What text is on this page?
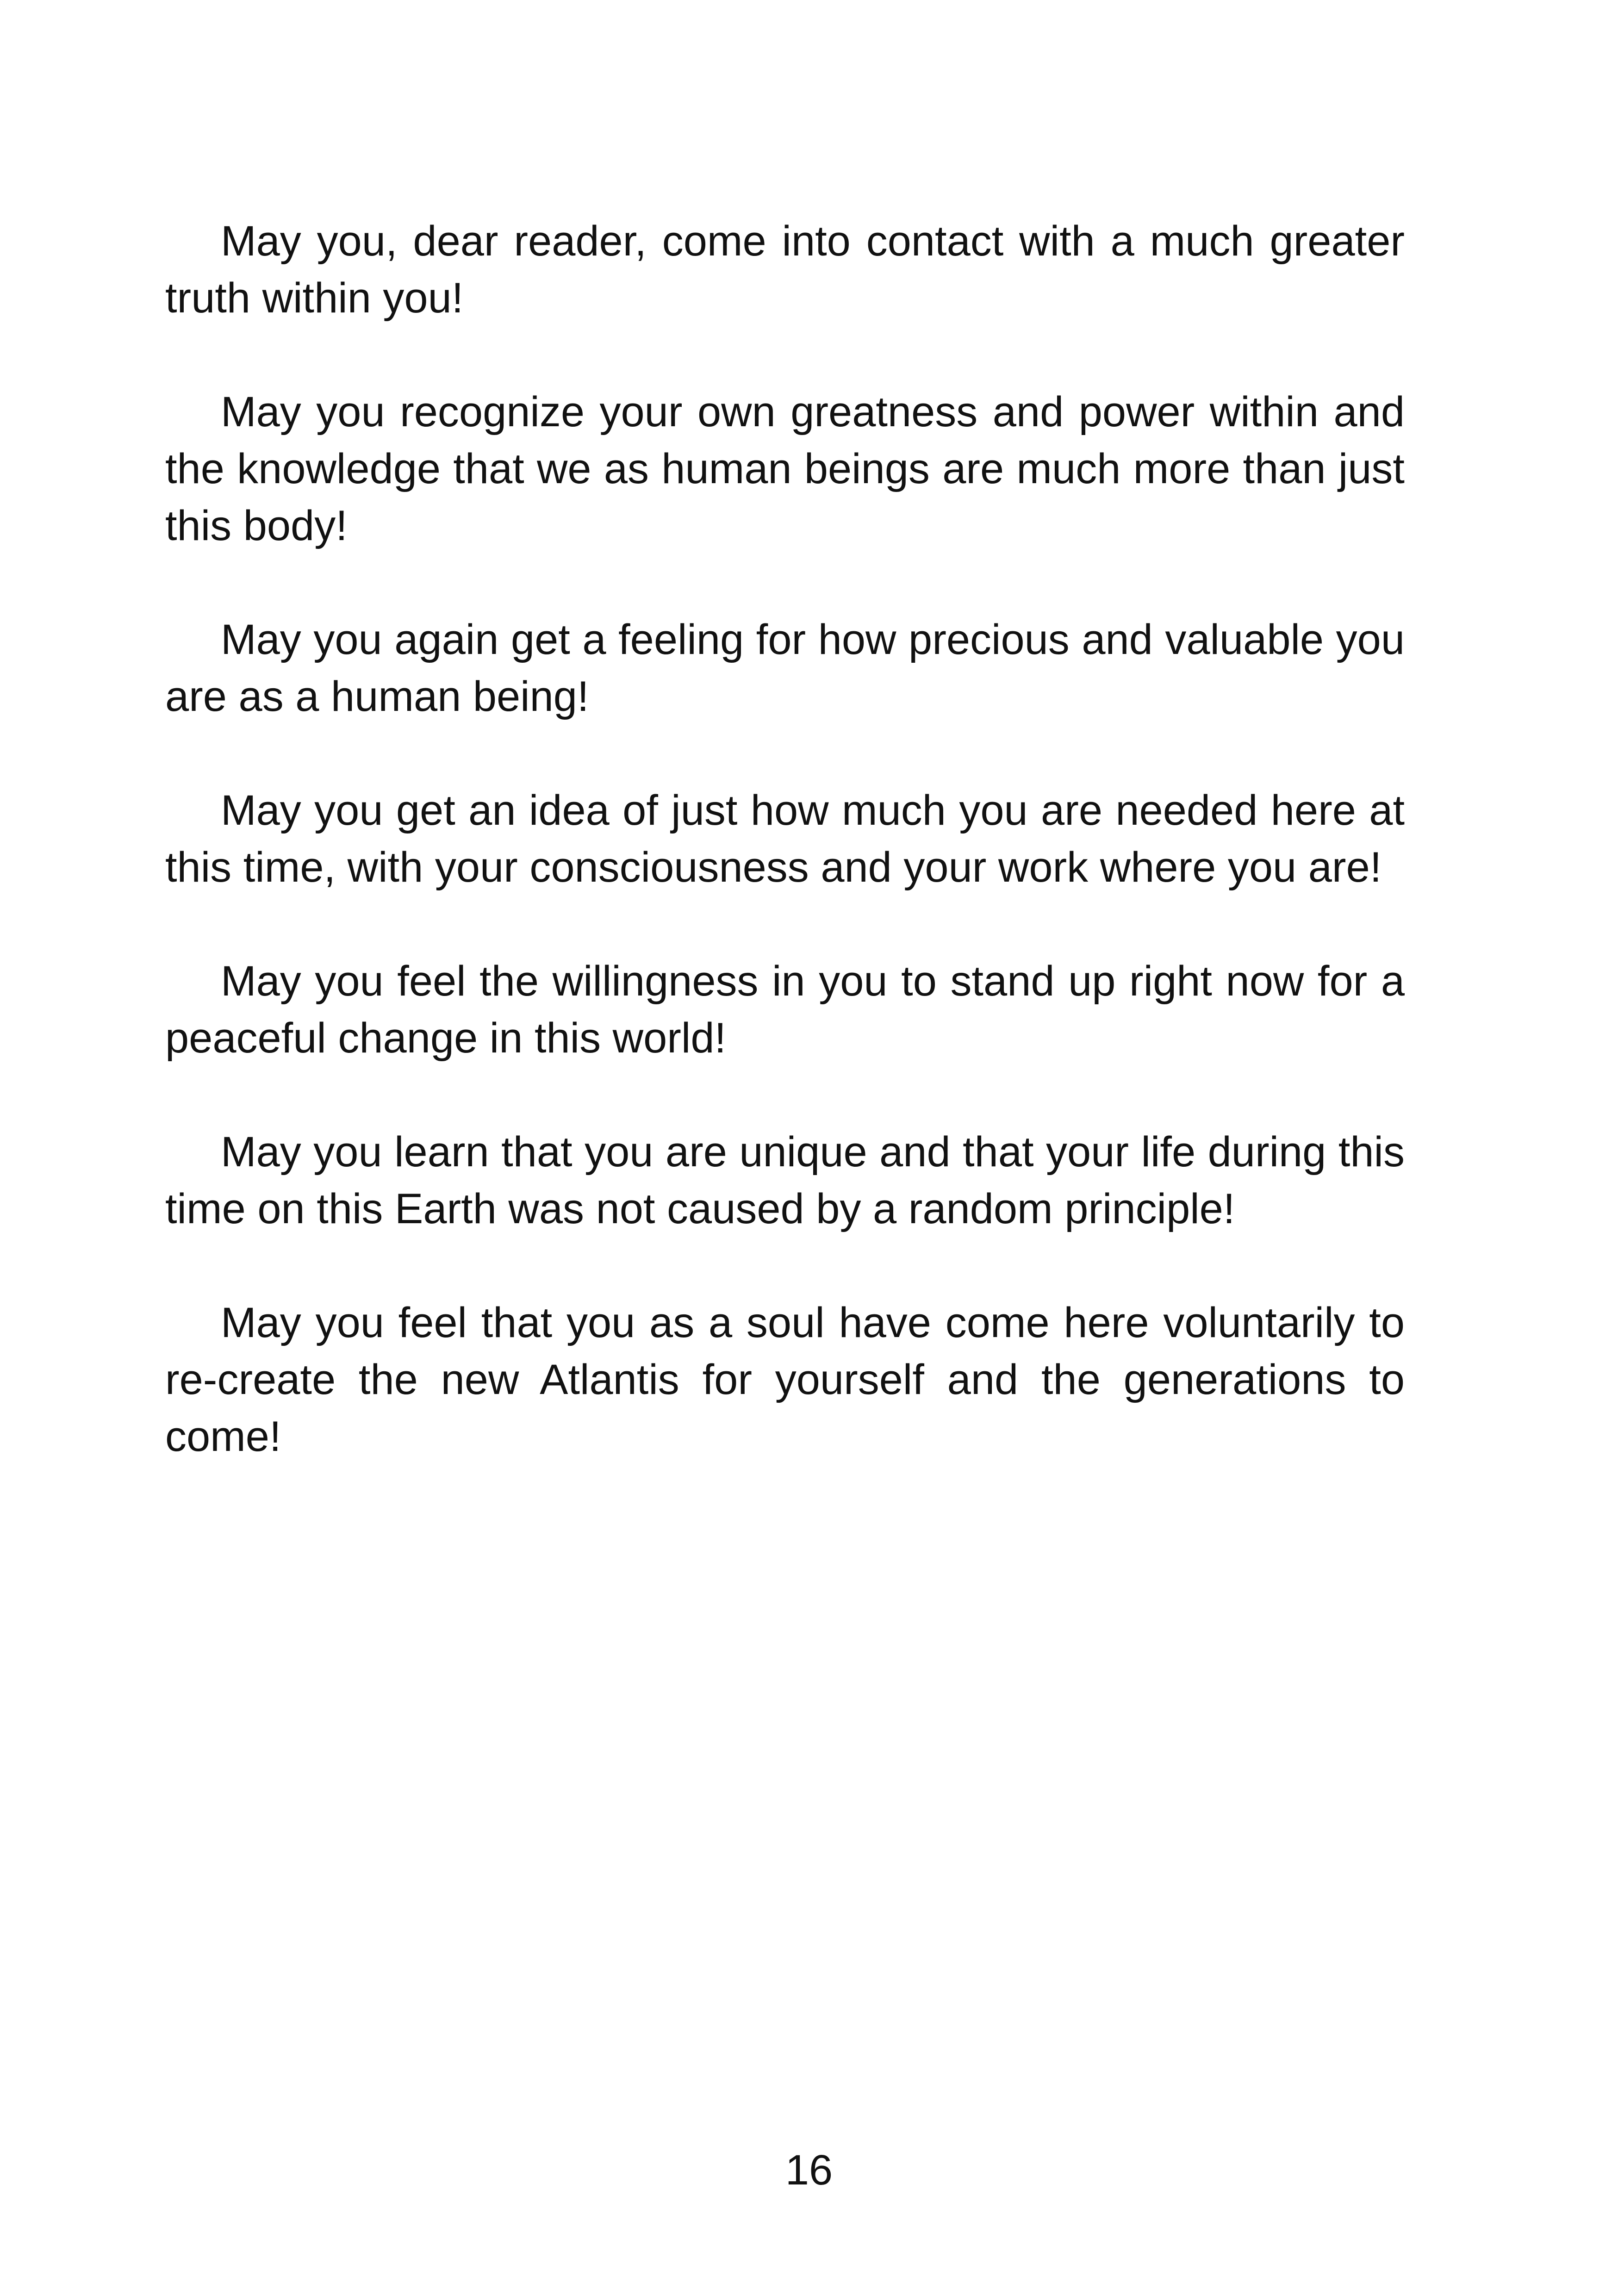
May you, dear reader, come into contact with a much greater truth within you!

May you recognize your own greatness and power within and the knowledge that we as human beings are much more than just this body!

May you again get a feeling for how precious and valuable you are as a human being!

May you get an idea of just how much you are needed here at this time, with your consciousness and your work where you are!

May you feel the willingness in you to stand up right now for a peaceful change in this world!

May you learn that you are unique and that your life during this time on this Earth was not caused by a random principle!

May you feel that you as a soul have come here voluntarily to re-create the new Atlantis for yourself and the generations to come!

16
